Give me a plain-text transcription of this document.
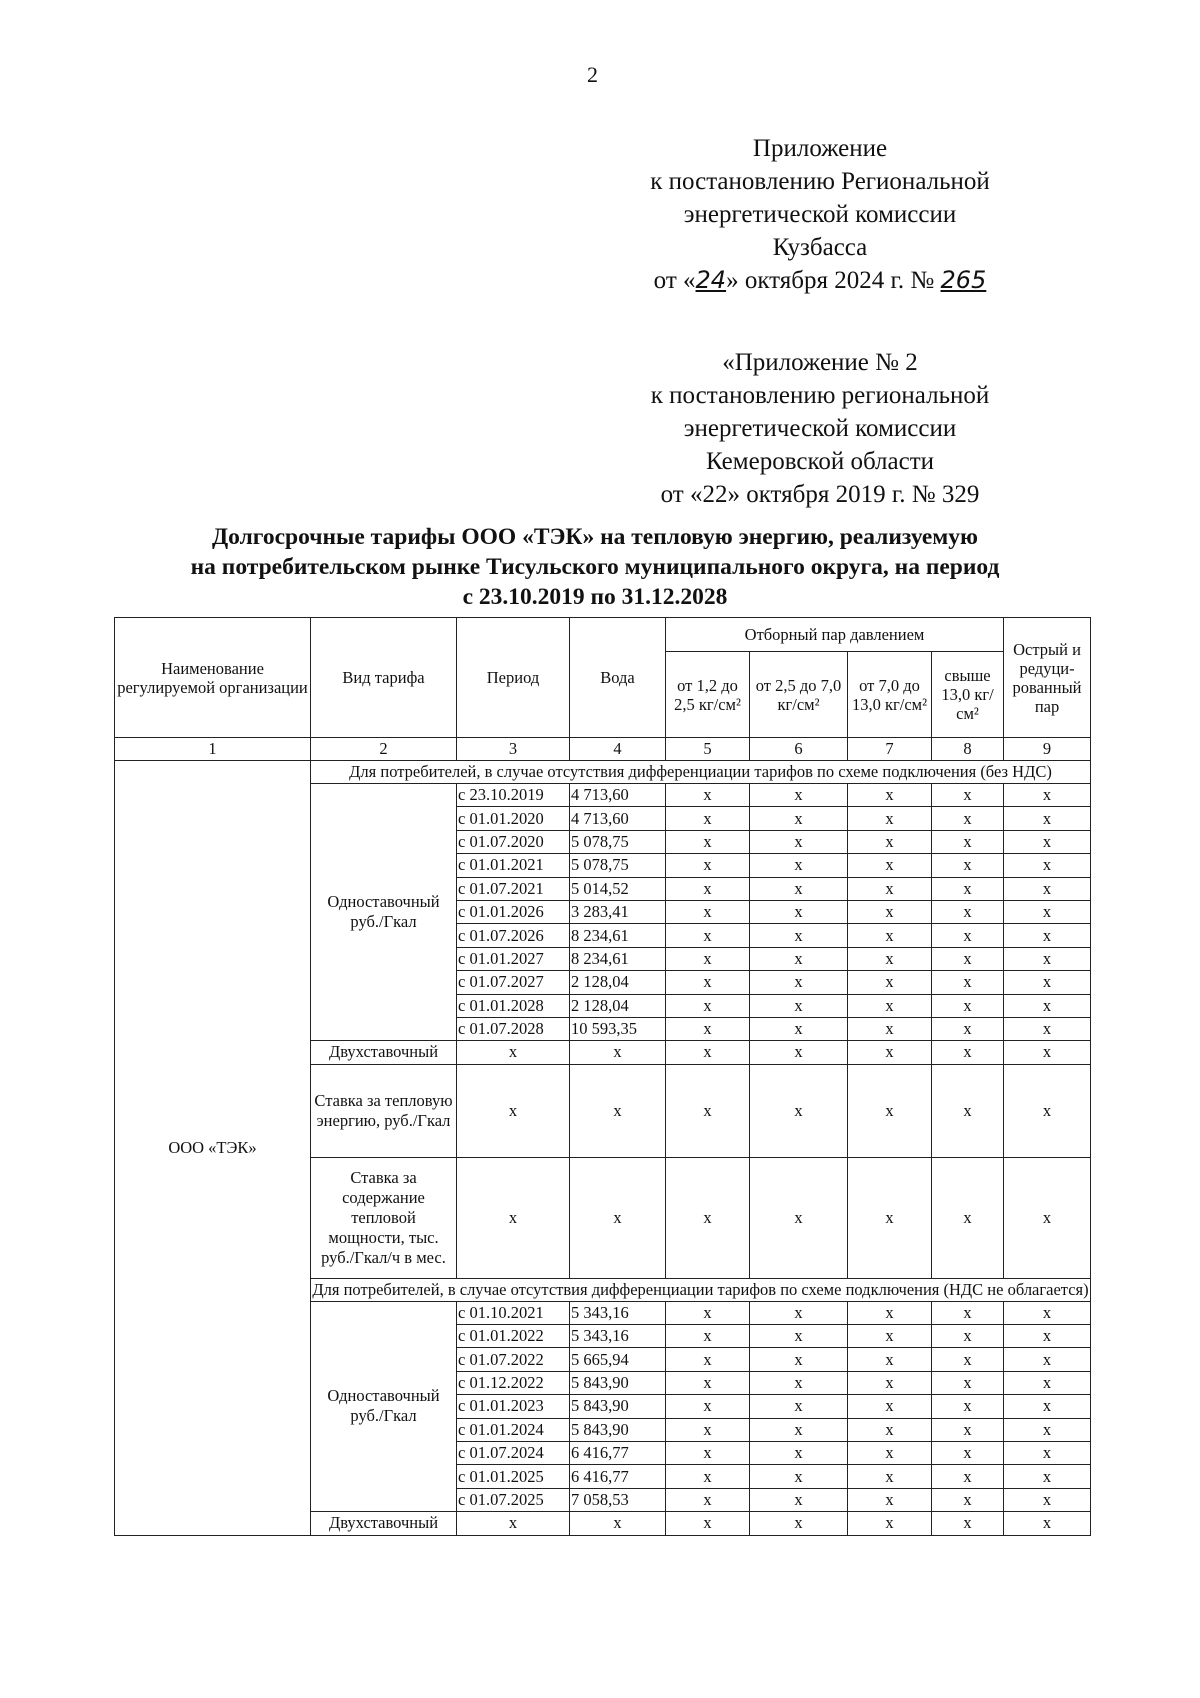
2
Приложение
к постановлению Региональной
энергетической комиссии
Кузбасса
от «24» октября 2024 г. № 265
«Приложение № 2
к постановлению региональной
энергетической комиссии
Кемеровской области
от «22» октября 2019 г. № 329
Долгосрочные тарифы ООО «ТЭК» на тепловую энергию, реализуемую
на потребительском рынке Тисульского муниципального округа, на период
с 23.10.2019 по 31.12.2028
Наименование регулируемой организации	Вид тарифа	Период	Вода	Отборный пар давлением				Острый и редуци-рованный пар
				от 1,2 до 2,5 кг/см²	от 2,5 до 7,0 кг/см²	от 7,0 до 13,0 кг/см²	свыше 13,0 кг/см²	
1	2	3	4	5	6	7	8	9
ООО «ТЭК»	Для потребителей, в случае отсутствия дифференциации тарифов по схеме подключения (без НДС)							
	Одноставочный руб./Гкал	с 23.10.2019	4 713,60	x	x	x	x	x
		с 01.01.2020	4 713,60	x	x	x	x	x
		с 01.07.2020	5 078,75	x	x	x	x	x
		с 01.01.2021	5 078,75	x	x	x	x	x
		с 01.07.2021	5 014,52	x	x	x	x	x
		с 01.01.2026	3 283,41	x	x	x	x	x
		с 01.07.2026	8 234,61	x	x	x	x	x
		с 01.01.2027	8 234,61	x	x	x	x	x
		с 01.07.2027	2 128,04	x	x	x	x	x
		с 01.01.2028	2 128,04	x	x	x	x	x
		с 01.07.2028	10 593,35	x	x	x	x	x
	Двухставочный	x	x	x	x	x	x	x
	Ставка за тепловую энергию, руб./Гкал	x	x	x	x	x	x	x
	Ставка за содержание тепловой мощности, тыс. руб./Гкал/ч в мес.	x	x	x	x	x	x	x
	Для потребителей, в случае отсутствия дифференциации тарифов по схеме подключения (НДС не облагается)							
	Одноставочный руб./Гкал	с 01.10.2021	5 343,16	x	x	x	x	x
		с 01.01.2022	5 343,16	x	x	x	x	x
		с 01.07.2022	5 665,94	x	x	x	x	x
		с 01.12.2022	5 843,90	x	x	x	x	x
		с 01.01.2023	5 843,90	x	x	x	x	x
		с 01.01.2024	5 843,90	x	x	x	x	x
		с 01.07.2024	6 416,77	x	x	x	x	x
		с 01.01.2025	6 416,77	x	x	x	x	x
		с 01.07.2025	7 058,53	x	x	x	x	x
	Двухставочный	x	x	x	x	x	x	x
